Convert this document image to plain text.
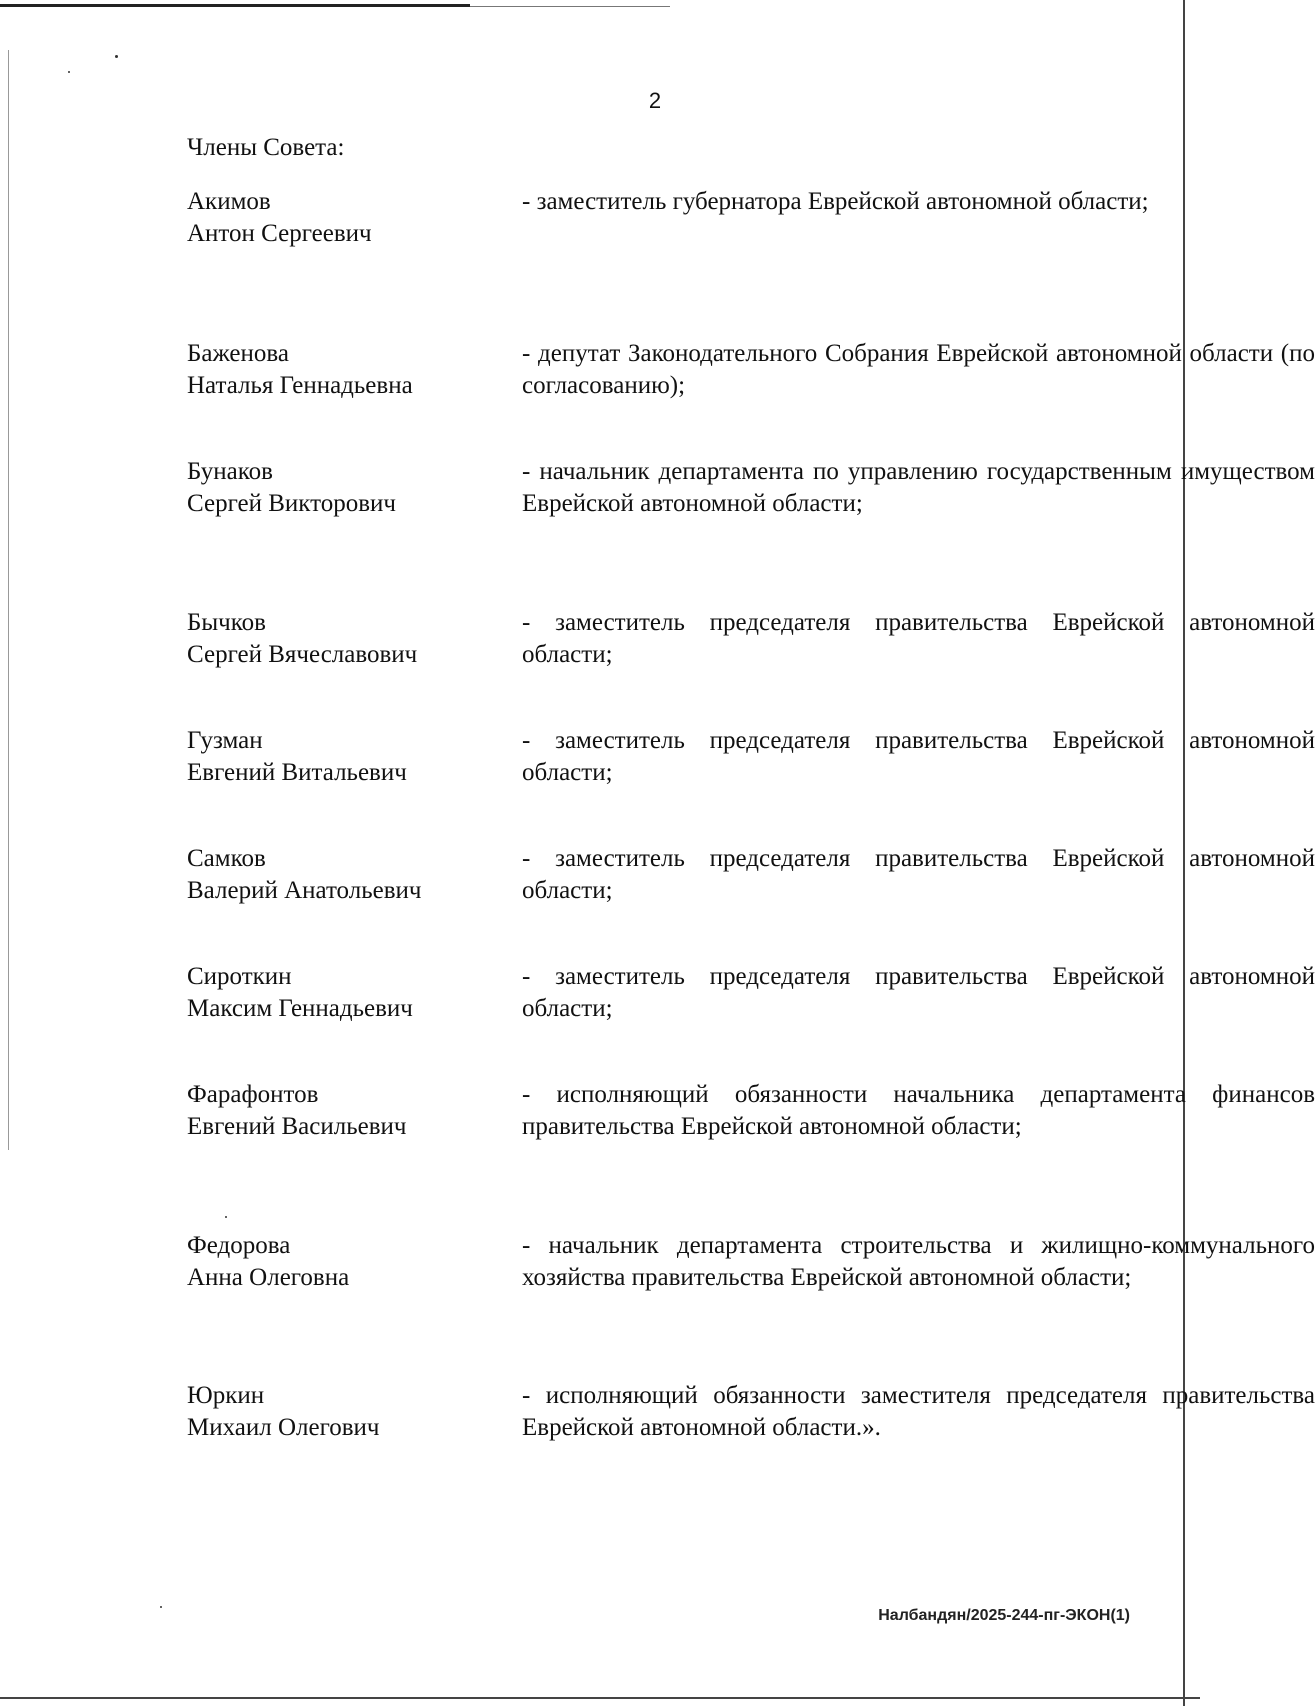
2
Члены Совета:
Акимов
Антон Сергеевич
- заместитель губернатора Еврейской автономной области;
Баженова
Наталья Геннадьевна
- депутат Законодательного Собрания Еврейской автономной области (по согласованию);
Бунаков
Сергей Викторович
- начальник департамента по управлению государственным имуществом Еврейской автономной области;
Бычков
Сергей Вячеславович
- заместитель председателя правительства Еврейской автономной области;
Гузман
Евгений Витальевич
- заместитель председателя правительства Еврейской автономной области;
Самков
Валерий Анатольевич
- заместитель председателя правительства Еврейской автономной области;
Сироткин
Максим Геннадьевич
- заместитель председателя правительства Еврейской автономной области;
Фарафонтов
Евгений Васильевич
- исполняющий обязанности начальника департамента финансов правительства Еврейской автономной области;
Федорова
Анна Олеговна
- начальник департамента строительства и жилищно-коммунального хозяйства правительства Еврейской автономной области;
Юркин
Михаил Олегович
- исполняющий обязанности заместителя председателя правительства Еврейской автономной области.».
Налбандян/2025-244-пг-ЭКОН(1)
